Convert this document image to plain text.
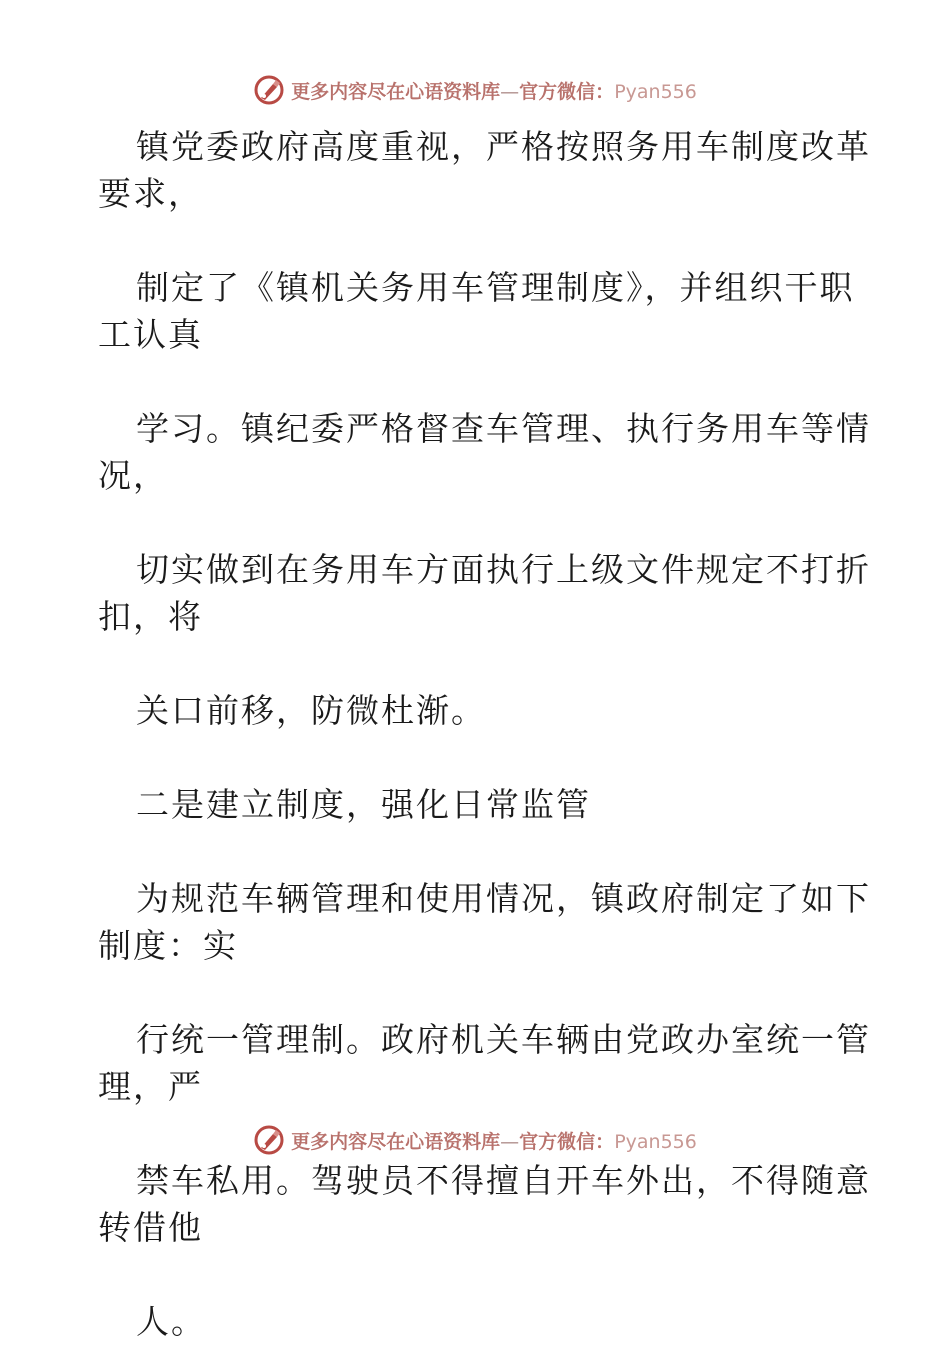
更多内容尽在心语资料库—官方微信：Pyan556
镇党委政府高度重视，严格按照务用车制度改革
要求，
制定了《镇机关务用车管理制度》，并组织干职
工认真
学习。镇纪委严格督查车管理、执行务用车等情
况，
切实做到在务用车方面执行上级文件规定不打折
扣，将
关口前移，防微杜渐。
二是建立制度，强化日常监管
为规范车辆管理和使用情况，镇政府制定了如下
制度：实
行统一管理制。政府机关车辆由党政办室统一管
理，严
禁车私用。驾驶员不得擅自开车外出，不得随意
转借他
人。
更多内容尽在心语资料库—官方微信：Pyan556
